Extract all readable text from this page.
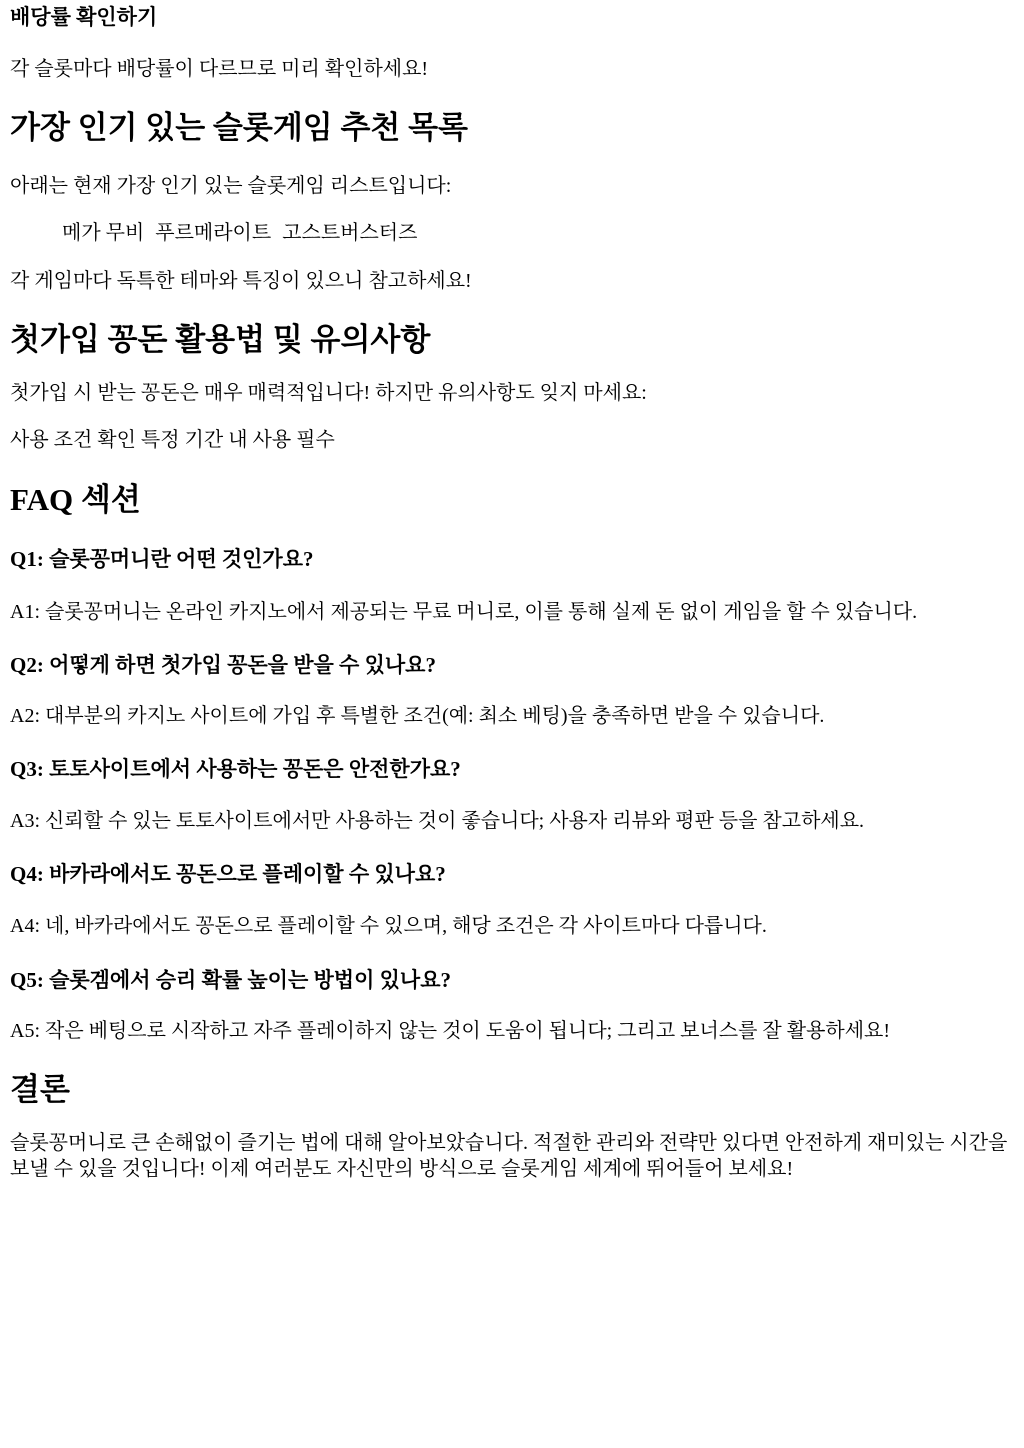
배당률 확인하기

각 슬롯마다 배당률이 다르므로 미리 확인하세요!

가장 인기 있는 슬롯게임 추천 목록

아래는 현재 가장 인기 있는 슬롯게임 리스트입니다:

메가 무비 푸르메라이트 고스트버스터즈

각 게임마다 독특한 테마와 특징이 있으니 참고하세요!

첫가입 꽁돈 활용법 및 유의사항

첫가입 시 받는 꽁돈은 매우 매력적입니다! 하지만 유의사항도 잊지 마세요:

사용 조건 확인 특정 기간 내 사용 필수

FAQ 섹션
Q1: 슬롯꽁머니란 어떤 것인가요?

A1: 슬롯꽁머니는 온라인 카지노에서 제공되는 무료 머니로, 이를 통해 실제 돈 없이 게임을 할 수 있습니다.

Q2: 어떻게 하면 첫가입 꽁돈을 받을 수 있나요?

A2: 대부분의 카지노 사이트에 가입 후 특별한 조건(예: 최소 베팅)을 충족하면 받을 수 있습니다.

Q3: 토토사이트에서 사용하는 꽁돈은 안전한가요?

A3: 신뢰할 수 있는 토토사이트에서만 사용하는 것이 좋습니다; 사용자 리뷰와 평판 등을 참고하세요.

Q4: 바카라에서도 꽁돈으로 플레이할 수 있나요?

A4: 네, 바카라에서도 꽁돈으로 플레이할 수 있으며, 해당 조건은 각 사이트마다 다릅니다.

Q5: 슬롯겜에서 승리 확률 높이는 방법이 있나요?

A5: 작은 베팅으로 시작하고 자주 플레이하지 않는 것이 도움이 됩니다; 그리고 보너스를 잘 활용하세요!

결론

슬롯꽁머니로 큰 손해없이 즐기는 법에 대해 알아보았습니다. 적절한 관리와 전략만 있다면 안전하게 재미있는 시간을 보낼 수 있을 것입니다! 이제 여러분도 자신만의 방식으로 슬롯게임 세계에 뛰어들어 보세요!
